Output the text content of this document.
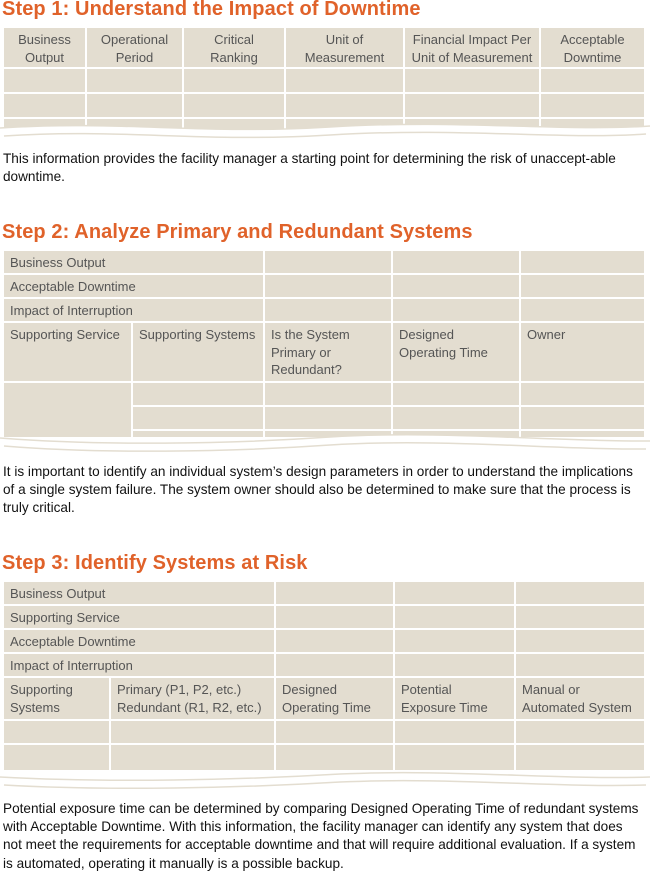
Step 1: Understand the Impact of Downtime
Business Output
Operational Period
Critical Ranking
Unit of Measurement
Financial Impact Per Unit of Measurement
Acceptable Downtime

This information provides the facility manager a starting point for determining the risk of unaccept-able downtime.

Step 2: Analyze Primary and Redundant Systems
Business Output
Acceptable Downtime
Impact of Interruption
Supporting Service	Supporting Systems	Is the System Primary or Redundant?
Designed Operating Time
Owner

It is important to identify an individual system’s design parameters in order to understand the implications of a single system failure. The system owner should also be determined to make sure that the process is truly critical.

Step 3: Identify Systems at Risk
Business Output
Supporting Service
Acceptable Downtime
Impact of Interruption
Supporting Systems
Primary (P1, P2, etc.) Redundant (R1, R2, etc.)
Designed Operating Time
Potential Exposure Time
Manual or Automated System

Potential exposure time can be determined by comparing Designed Operating Time of redundant systems with Acceptable Downtime. With this information, the facility manager can identify any system that does not meet the requirements for acceptable downtime and that will require additional evaluation. If a system is automated, operating it manually is a possible backup.
